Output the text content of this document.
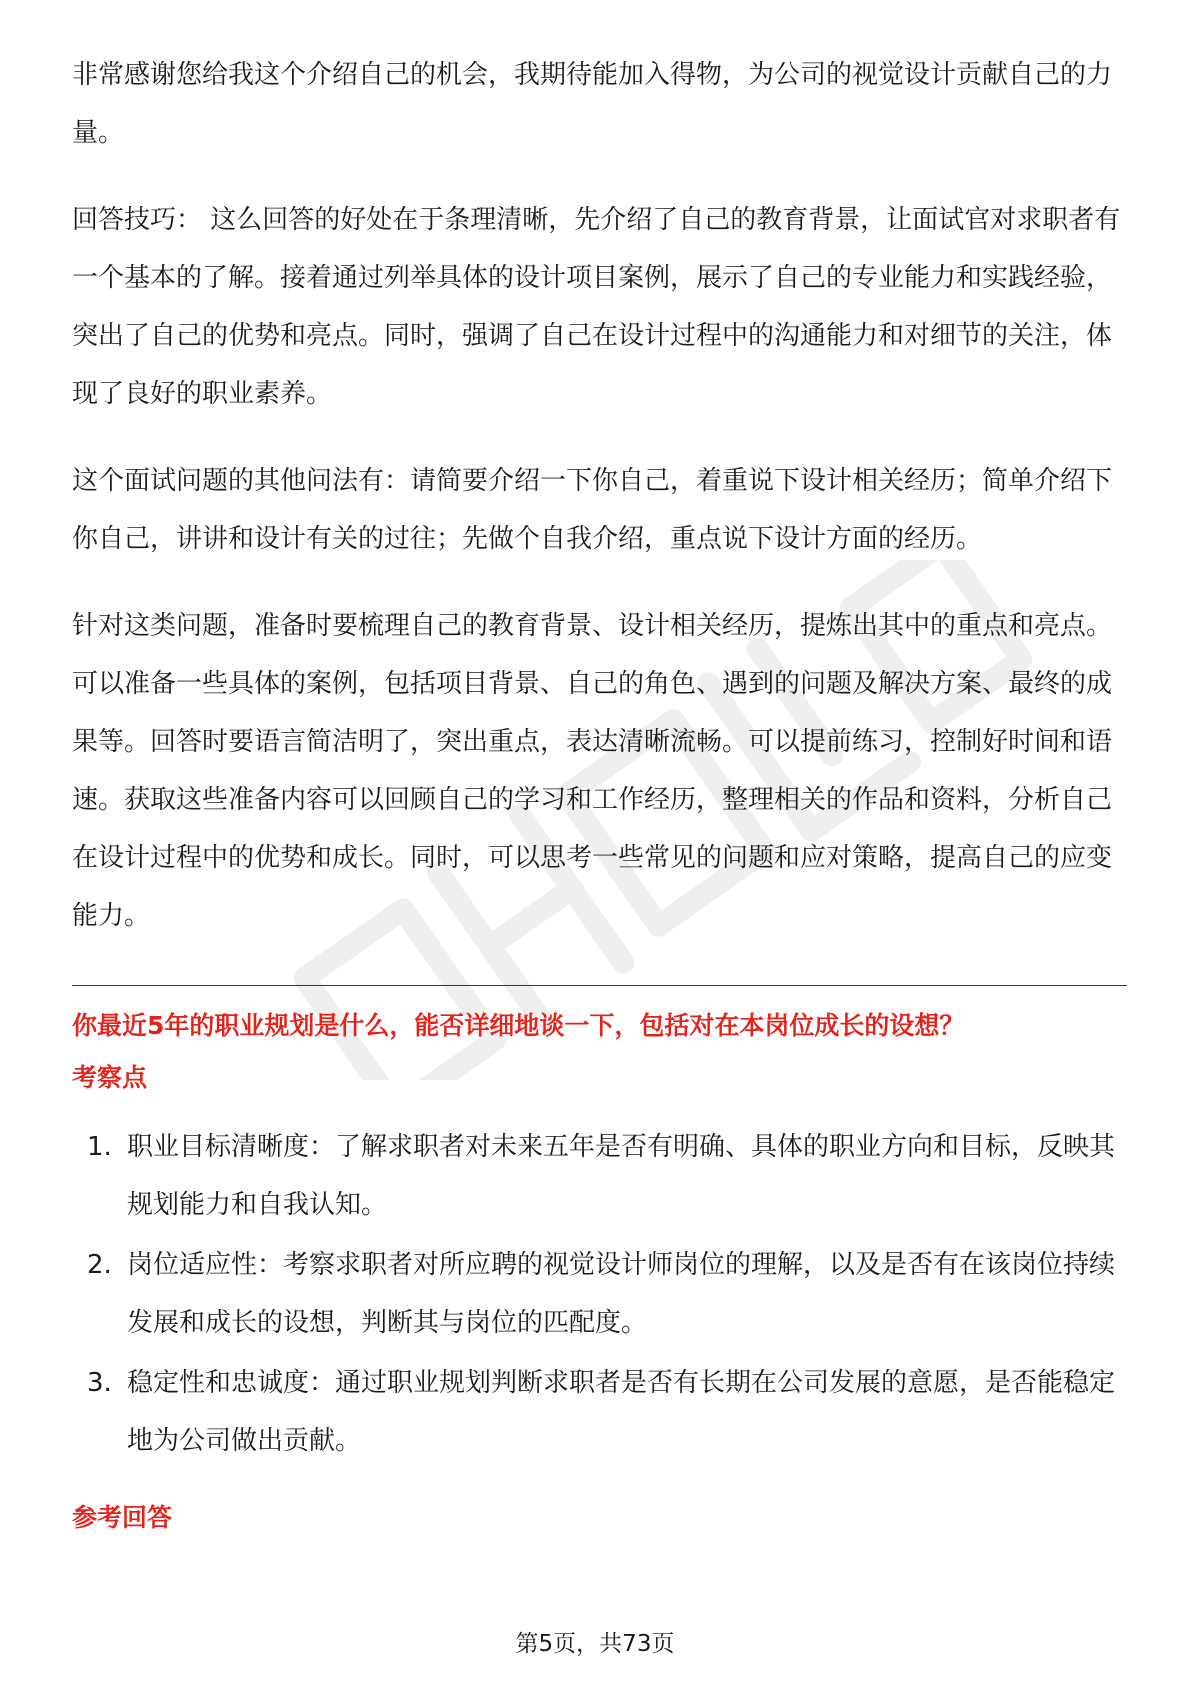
非常感谢您给我这个介绍自己的机会，我期待能加入得物，为公司的视觉设计贡献自己的力量。

回答技巧： 这么回答的好处在于条理清晰，先介绍了自己的教育背景，让面试官对求职者有一个基本的了解。接着通过列举具体的设计项目案例，展示了自己的专业能力和实践经验，突出了自己的优势和亮点。同时，强调了自己在设计过程中的沟通能力和对细节的关注，体现了良好的职业素养。

这个面试问题的其他问法有：请简要介绍一下你自己，着重说下设计相关经历；简单介绍下你自己，讲讲和设计有关的过往；先做个自我介绍，重点说下设计方面的经历。

针对这类问题，准备时要梳理自己的教育背景、设计相关经历，提炼出其中的重点和亮点。可以准备一些具体的案例，包括项目背景、自己的角色、遇到的问题及解决方案、最终的成果等。回答时要语言简洁明了，突出重点，表达清晰流畅。可以提前练习，控制好时间和语速。获取这些准备内容可以回顾自己的学习和工作经历，整理相关的作品和资料，分析自己在设计过程中的优势和成长。同时，可以思考一些常见的问题和应对策略，提高自己的应变能力。

你最近5年的职业规划是什么，能否详细地谈一下，包括对在本岗位成长的设想？

考察点

1. 职业目标清晰度：了解求职者对未来五年是否有明确、具体的职业方向和目标，反映其规划能力和自我认知。
2. 岗位适应性：考察求职者对所应聘的视觉设计师岗位的理解，以及是否有在该岗位持续发展和成长的设想，判断其与岗位的匹配度。
3. 稳定性和忠诚度：通过职业规划判断求职者是否有长期在公司发展的意愿，是否能稳定地为公司做出贡献。

参考回答

第5页，共73页
